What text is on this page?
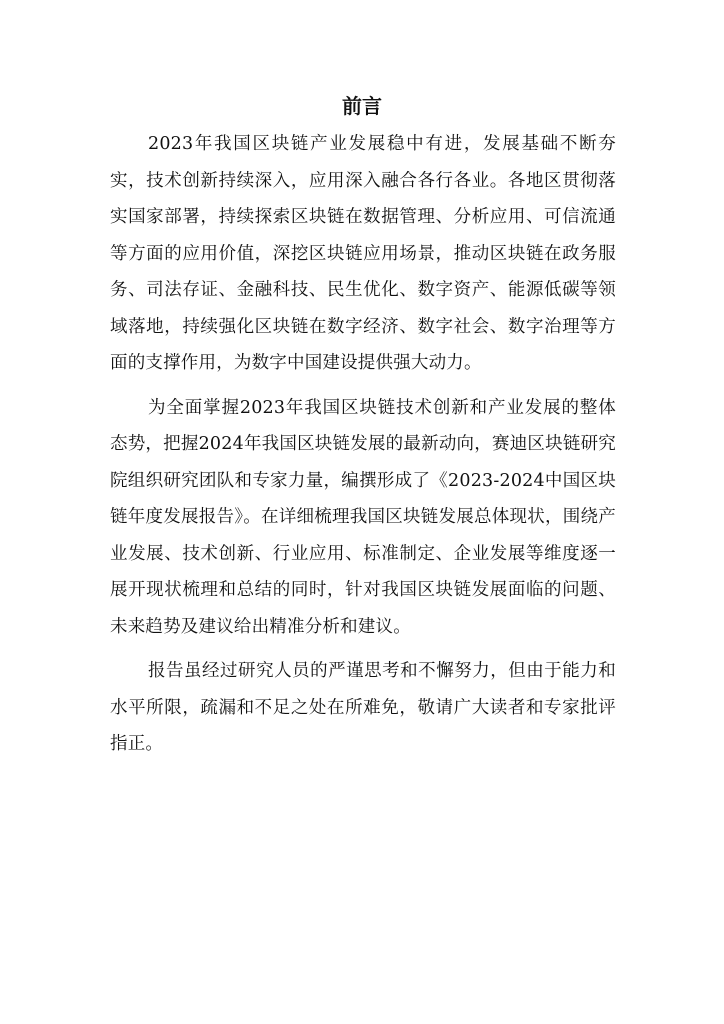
前言

2023年我国区块链产业发展稳中有进，发展基础不断夯实，技术创新持续深入，应用深入融合各行各业。各地区贯彻落实国家部署，持续探索区块链在数据管理、分析应用、可信流通等方面的应用价值，深挖区块链应用场景，推动区块链在政务服务、司法存证、金融科技、民生优化、数字资产、能源低碳等领域落地，持续强化区块链在数字经济、数字社会、数字治理等方面的支撑作用，为数字中国建设提供强大动力。

为全面掌握2023年我国区块链技术创新和产业发展的整体态势，把握2024年我国区块链发展的最新动向，赛迪区块链研究院组织研究团队和专家力量，编撰形成了《2023-2024中国区块链年度发展报告》。在详细梳理我国区块链发展总体现状，围绕产业发展、技术创新、行业应用、标准制定、企业发展等维度逐一展开现状梳理和总结的同时，针对我国区块链发展面临的问题、未来趋势及建议给出精准分析和建议。

报告虽经过研究人员的严谨思考和不懈努力，但由于能力和水平所限，疏漏和不足之处在所难免，敬请广大读者和专家批评指正。
